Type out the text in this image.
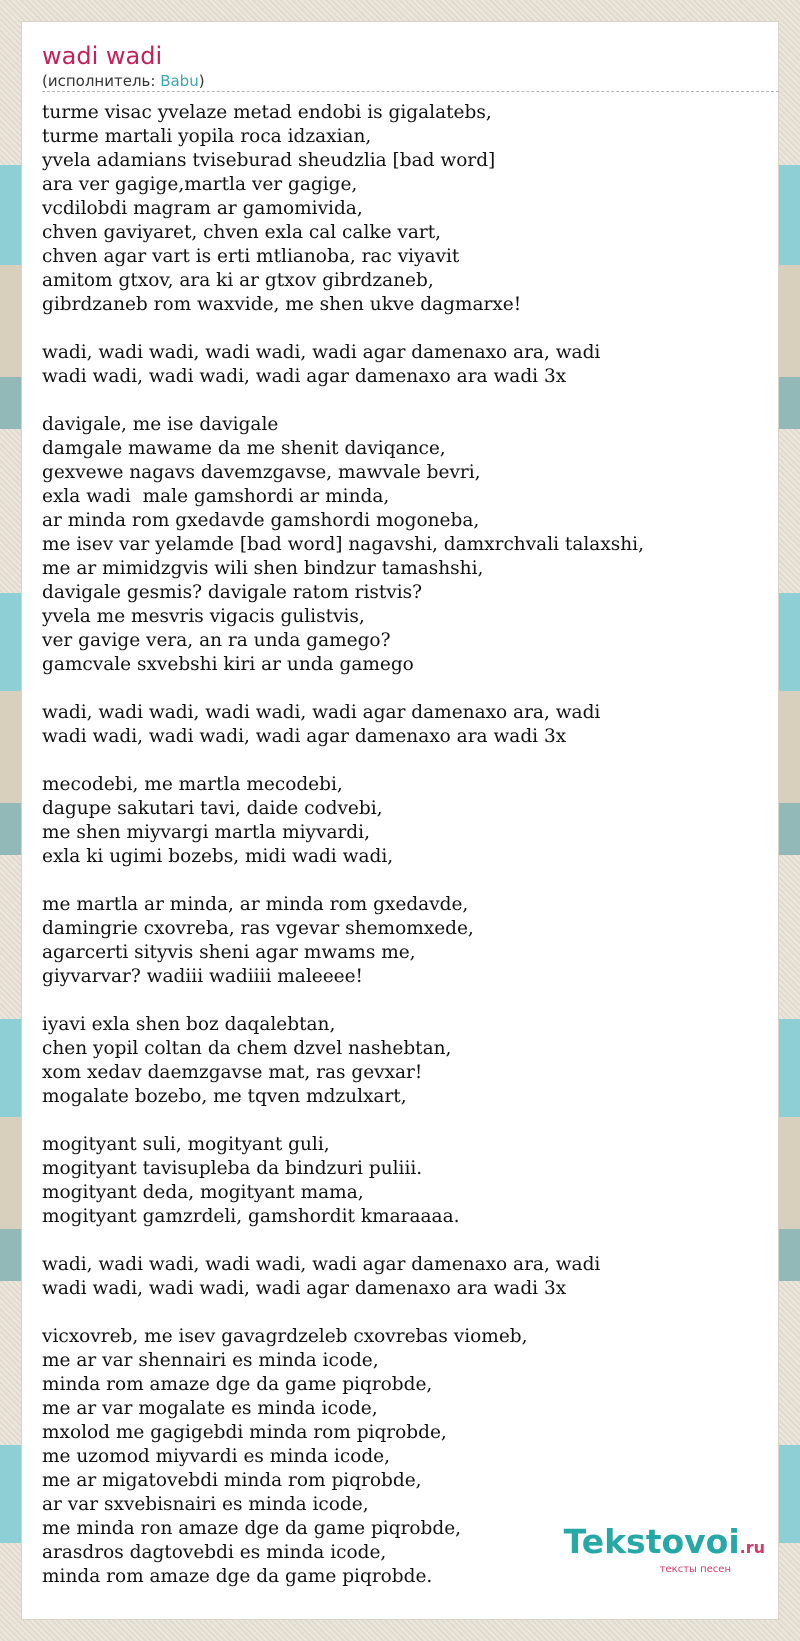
wadi wadi
(исполнитель: Babu)
turme visac yvelaze metad endobi is gigalatebs,
turme martali yopila roca idzaxian,
yvela adamians tviseburad sheudzlia [bad word]
ara ver gagige,martla ver gagige,
vcdilobdi magram ar gamomivida,
chven gaviyaret, chven exla cal calke vart,
chven agar vart is erti mtlianoba, rac viyavit
amitom gtxov, ara ki ar gtxov gibrdzaneb,
gibrdzaneb rom waxvide, me shen ukve dagmarxe!
wadi, wadi wadi, wadi wadi, wadi agar damenaxo ara, wadi
wadi wadi, wadi wadi, wadi agar damenaxo ara wadi 3x
davigale, me ise davigale
damgale mawame da me shenit daviqance,
gexvewe nagavs davemzgavse, mawvale bevri,
exla wadi  male gamshordi ar minda,
ar minda rom gxedavde gamshordi mogoneba,
me isev var yelamde [bad word] nagavshi, damxrchvali talaxshi,
me ar mimidzgvis wili shen bindzur tamashshi,
davigale gesmis? davigale ratom ristvis?
yvela me mesvris vigacis gulistvis,
ver gavige vera, an ra unda gamego?
gamcvale sxvebshi kiri ar unda gamego
wadi, wadi wadi, wadi wadi, wadi agar damenaxo ara, wadi
wadi wadi, wadi wadi, wadi agar damenaxo ara wadi 3x
mecodebi, me martla mecodebi,
dagupe sakutari tavi, daide codvebi,
me shen miyvargi martla miyvardi,
exla ki ugimi bozebs, midi wadi wadi,
me martla ar minda, ar minda rom gxedavde,
damingrie cxovreba, ras vgevar shemomxede,
agarcerti sityvis sheni agar mwams me,
giyvarvar? wadiii wadiiii maleeee!
iyavi exla shen boz daqalebtan,
chen yopil coltan da chem dzvel nashebtan,
xom xedav daemzgavse mat, ras gevxar!
mogalate bozebo, me tqven mdzulxart,
mogityant suli, mogityant guli,
mogityant tavisupleba da bindzuri puliii.
mogityant deda, mogityant mama,
mogityant gamzrdeli, gamshordit kmaraaaa.
wadi, wadi wadi, wadi wadi, wadi agar damenaxo ara, wadi
wadi wadi, wadi wadi, wadi agar damenaxo ara wadi 3x
vicxovreb, me isev gavagrdzeleb cxovrebas viomeb,
me ar var shennairi es minda icode,
minda rom amaze dge da game piqrobde,
me ar var mogalate es minda icode,
mxolod me gagigebdi minda rom piqrobde,
me uzomod miyvardi es minda icode,
me ar migatovebdi minda rom piqrobde,
ar var sxvebisnairi es minda icode,
me minda ron amaze dge da game piqrobde,
arasdros dagtovebdi es minda icode,
minda rom amaze dge da game piqrobde.
Tekstovoi.ru
тексты песен
